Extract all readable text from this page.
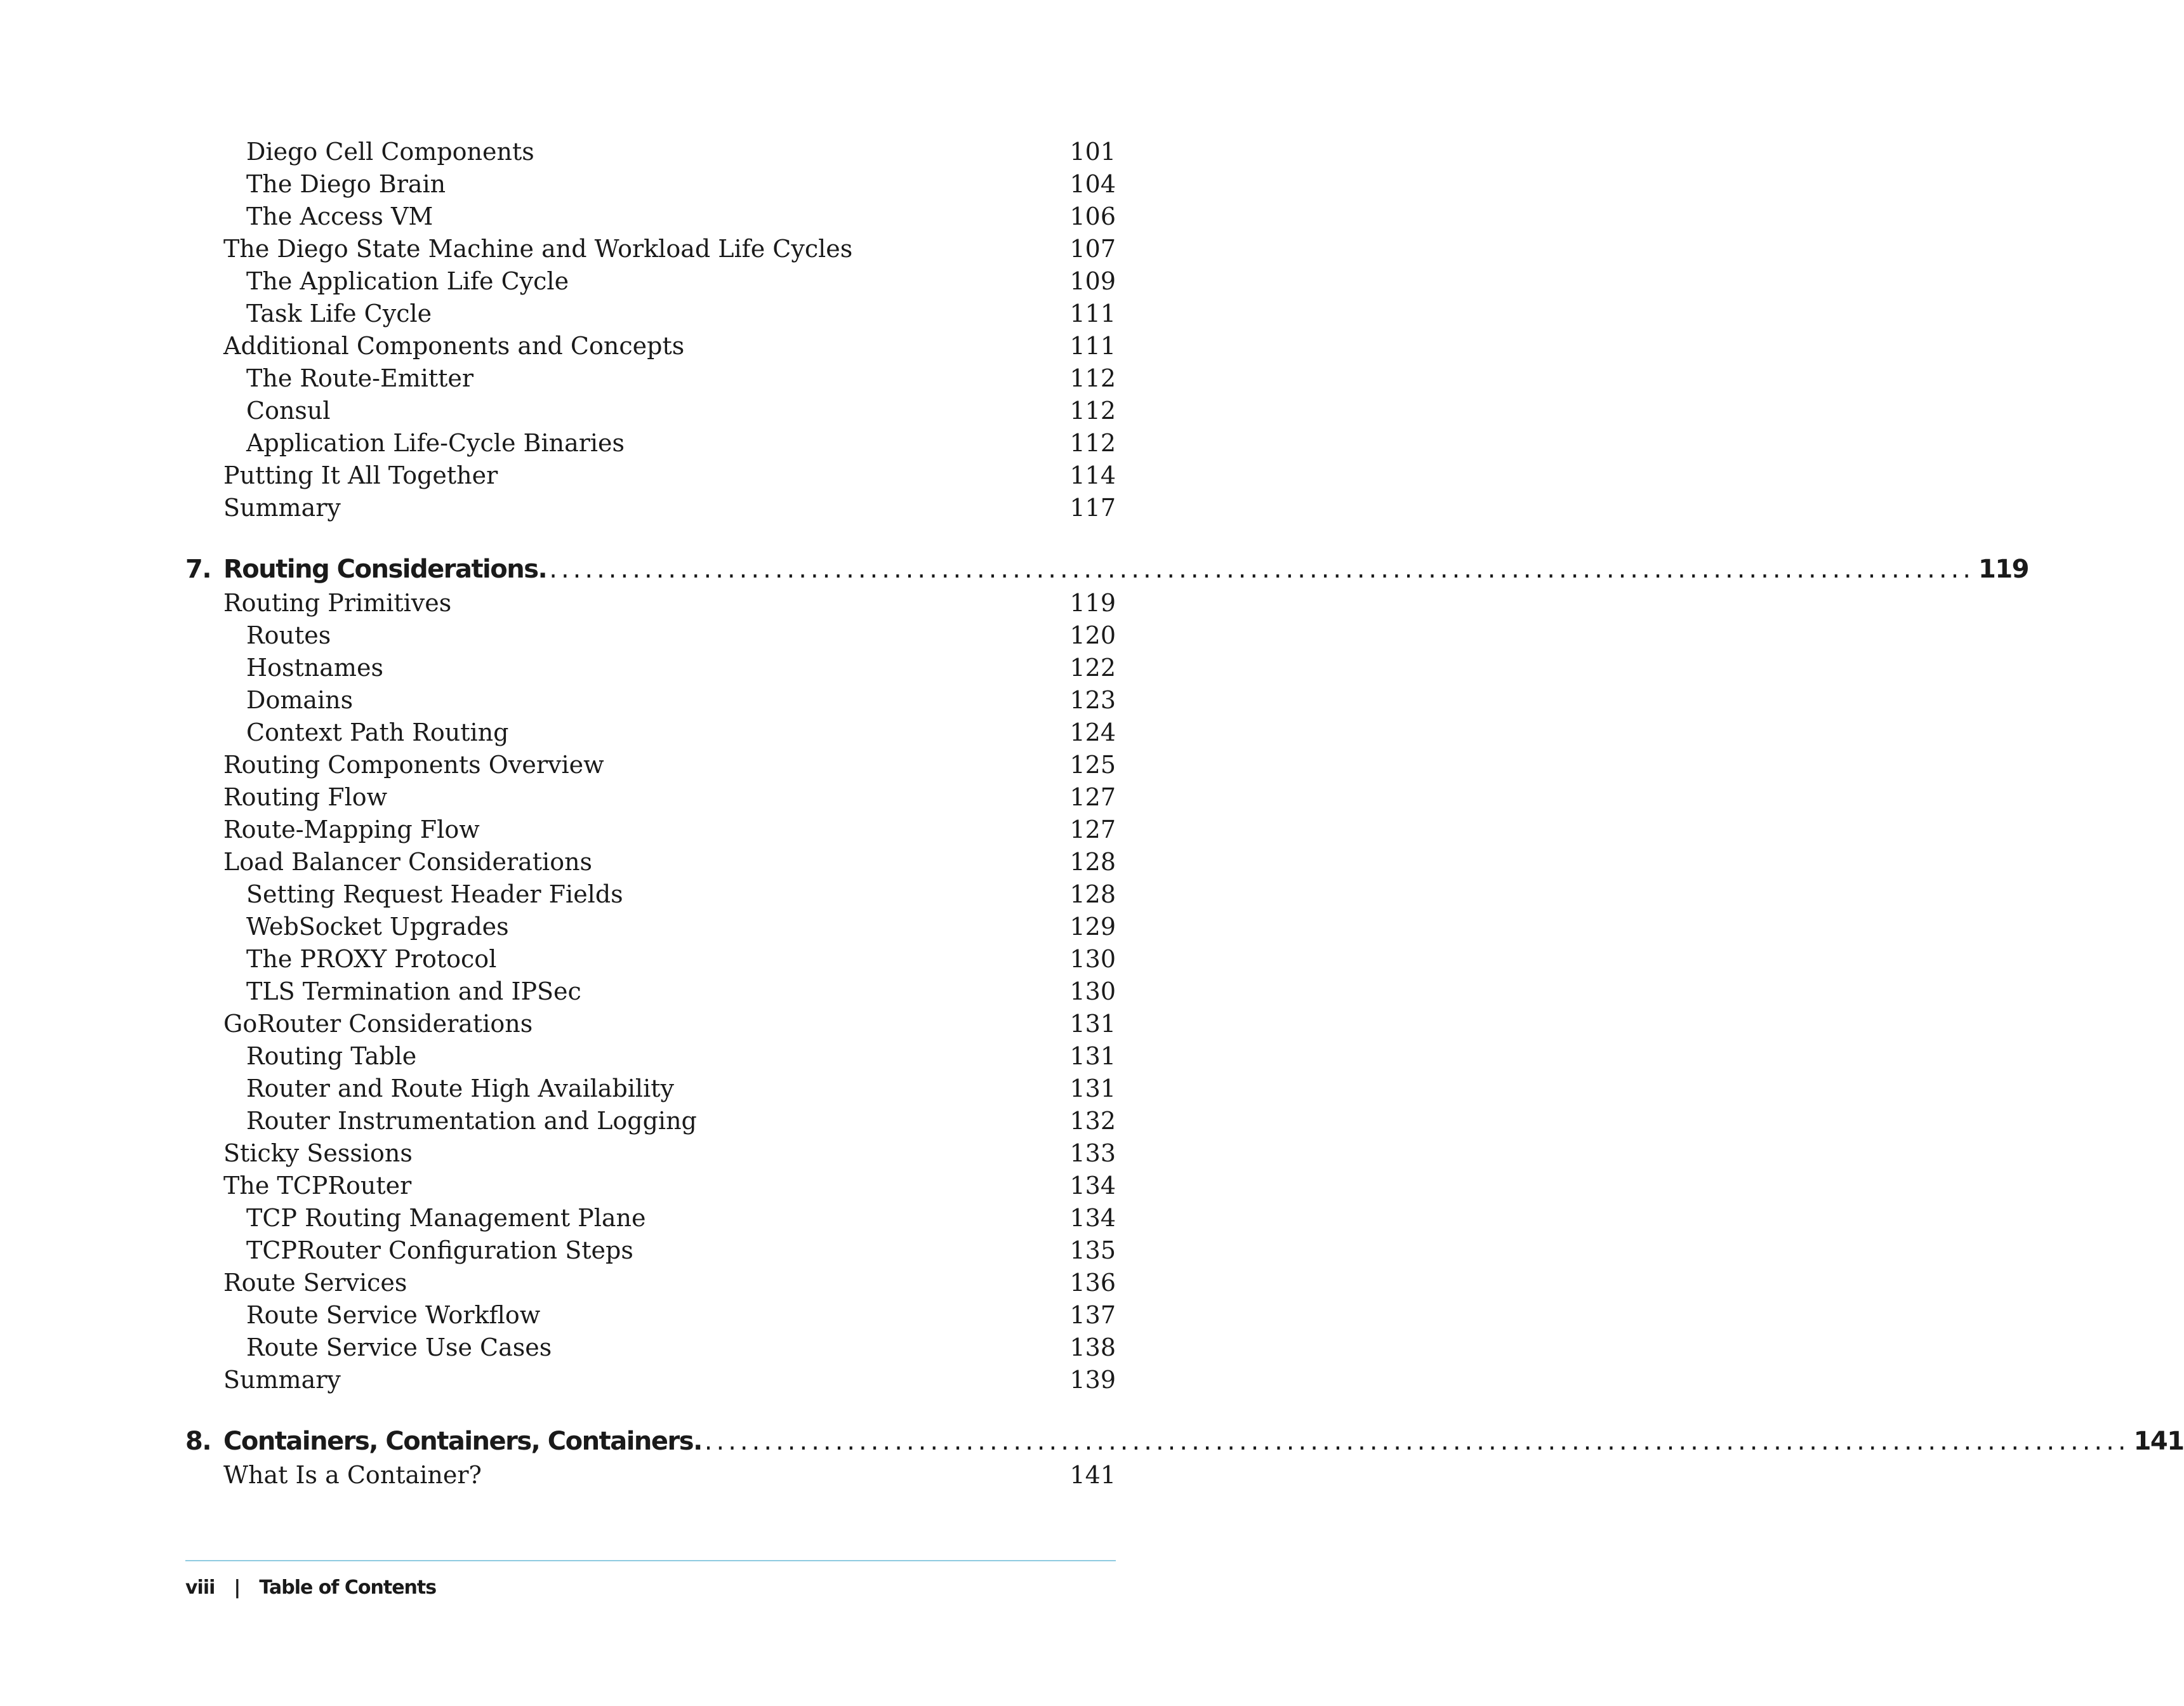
Diego Cell Components	101
The Diego Brain	104
The Access VM	106
The Diego State Machine and Workload Life Cycles	107
The Application Life Cycle	109
Task Life Cycle	111
Additional Components and Concepts	111
The Route-Emitter	112
Consul	112
Application Life-Cycle Binaries	112
Putting It All Together	114
Summary	117
7. Routing Considerations. ........................................................................................................................ 119
Routing Primitives	119
Routes	120
Hostnames	122
Domains	123
Context Path Routing	124
Routing Components Overview	125
Routing Flow	127
Route-Mapping Flow	127
Load Balancer Considerations	128
Setting Request Header Fields	128
WebSocket Upgrades	129
The PROXY Protocol	130
TLS Termination and IPSec	130
GoRouter Considerations	131
Routing Table	131
Router and Route High Availability	131
Router Instrumentation and Logging	132
Sticky Sessions	133
The TCPRouter	134
TCP Routing Management Plane	134
TCPRouter Configuration Steps	135
Route Services	136
Route Service Workflow	137
Route Service Use Cases	138
Summary	139
8. Containers, Containers, Containers. ........................................................................................................................ 141
What Is a Container?	141
viii | Table of Contents
